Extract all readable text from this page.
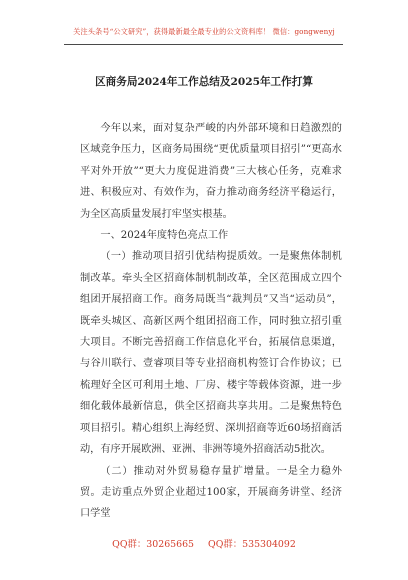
关注头条号“公文研究”，获得最新最全最专业的公文资料库！ 微信：gongwenyj
区商务局2024年工作总结及2025年工作打算

今年以来，面对复杂严峻的内外部环境和日趋激烈的区域竞争压力，区商务局围绕“更优质量项目招引”“更高水平对外开放”“更大力度促进消费”三大核心任务，克难求进、积极应对、有效作为，奋力推动商务经济平稳运行，为全区高质量发展打牢坚实根基。

一、2024年度特色亮点工作

（一）推动项目招引优结构提质效。一是聚焦体制机制改革。牵头全区招商体制机制改革，全区范围成立四个组团开展招商工作。商务局既当“裁判员”又当“运动员”，既牵头城区、高新区两个组团招商工作，同时独立招引重大项目。不断完善招商工作信息化平台，拓展信息渠道，与谷川联行、壹睿项目等专业招商机构签订合作协议；已梳理好全区可利用土地、厂房、楼宇等载体资源，进一步细化载体最新信息，供全区招商共享共用。二是聚焦特色项目招引。精心组织上海经贸、深圳招商等近60场招商活动，有序开展欧洲、亚洲、非洲等境外招商活动5批次。

（二）推动对外贸易稳存量扩增量。一是全力稳外贸。走访重点外贸企业超过100家，开展商务讲堂、经济口学堂

QQ群：30265665 QQ群：535304092
